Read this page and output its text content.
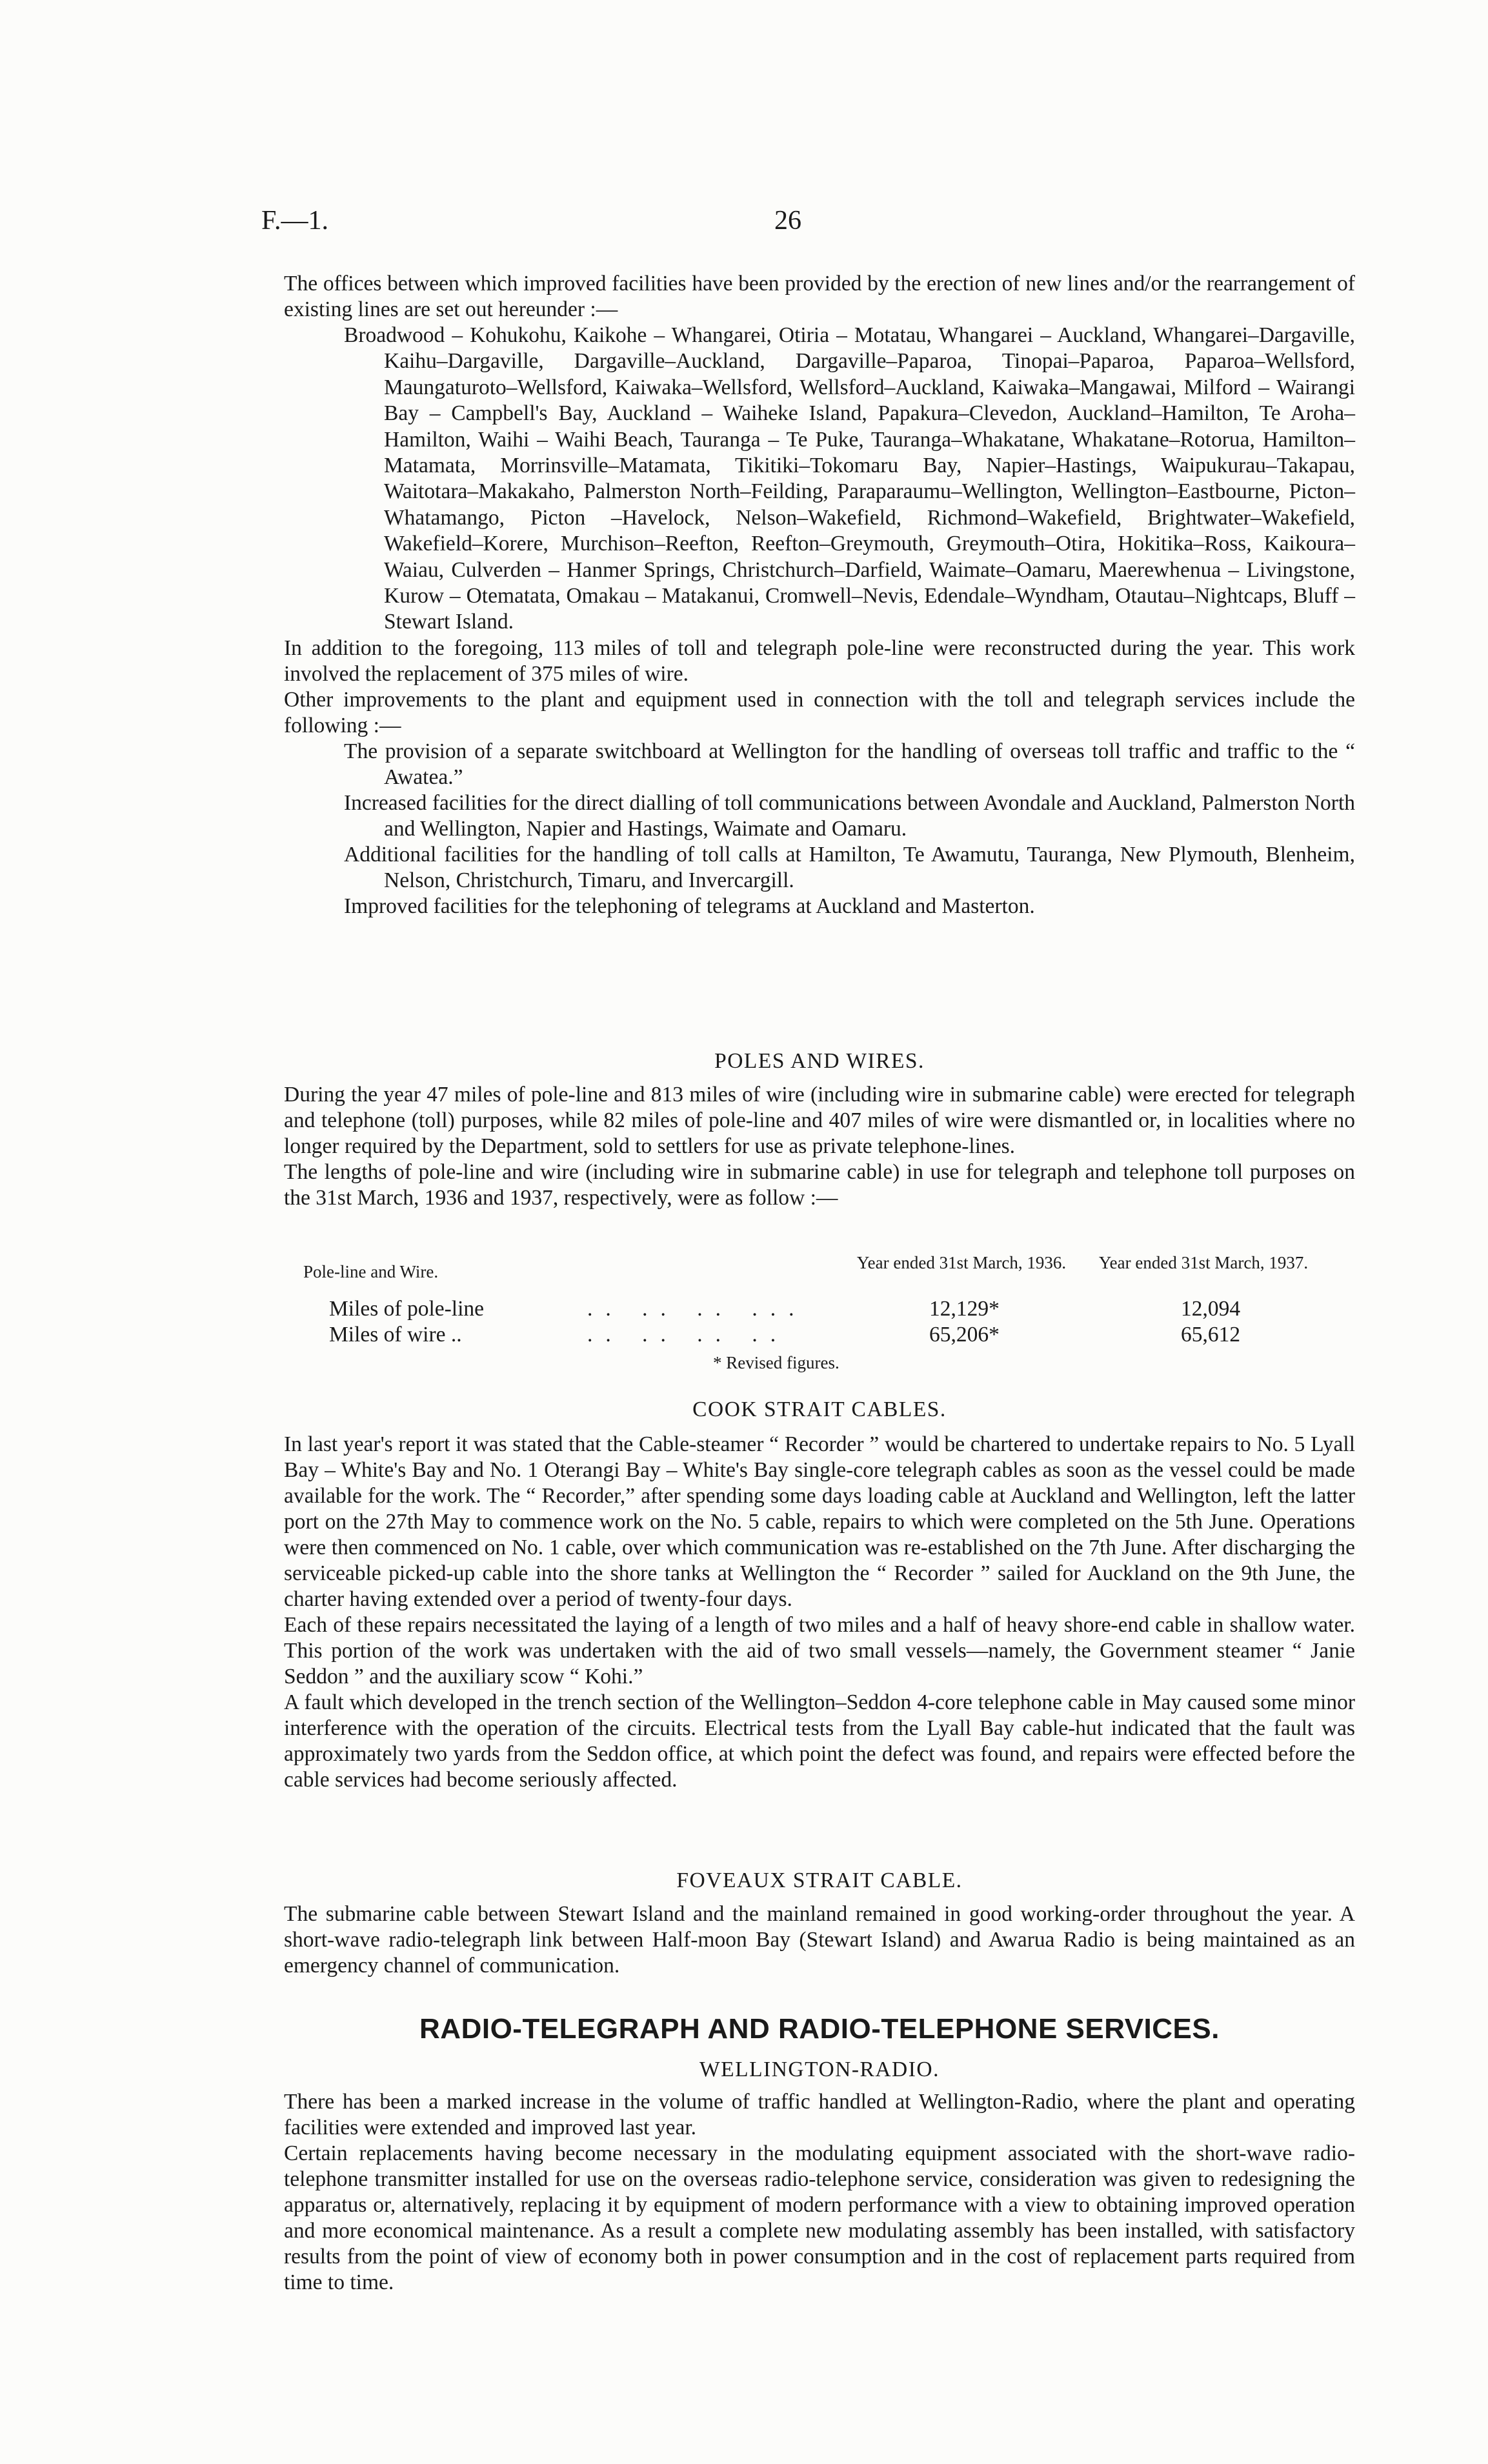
F.—1.	26

The offices between which improved facilities have been provided by the erection of new lines and/or the rearrangement of existing lines are set out hereunder :—

Broadwood – Kohukohu, Kaikohe – Whangarei, Otiria – Motatau, Whangarei – Auckland, Whangarei–Dargaville, Kaihu–Dargaville, Dargaville–Auckland, Dargaville–Paparoa, Tinopai–Paparoa, Paparoa–Wellsford, Maungaturoto–Wellsford, Kaiwaka–Wellsford, Wellsford–Auckland, Kaiwaka–Mangawai, Milford – Wairangi Bay – Campbell's Bay, Auckland – Waiheke Island, Papakura–Clevedon, Auckland–Hamilton, Te Aroha–Hamilton, Waihi – Waihi Beach, Tauranga – Te Puke, Tauranga–Whakatane, Whakatane–Rotorua, Hamilton–Matamata, Morrinsville–Matamata, Tikitiki–Tokomaru Bay, Napier–Hastings, Waipukurau–Takapau, Waitotara–Makakaho, Palmerston North–Feilding, Paraparaumu–Wellington, Wellington–Eastbourne, Picton–Whatamango, Picton –Havelock, Nelson–Wakefield, Richmond–Wakefield, Brightwater–Wakefield, Wakefield–Korere, Murchison–Reefton, Reefton–Greymouth, Greymouth–Otira, Hokitika–Ross, Kaikoura–Waiau, Culverden – Hanmer Springs, Christchurch–Darfield, Waimate–Oamaru, Maerewhenua – Livingstone, Kurow – Otematata, Omakau – Matakanui, Cromwell–Nevis, Edendale–Wyndham, Otautau–Nightcaps, Bluff – Stewart Island.

In addition to the foregoing, 113 miles of toll and telegraph pole-line were reconstructed during the year. This work involved the replacement of 375 miles of wire.

Other improvements to the plant and equipment used in connection with the toll and telegraph services include the following :—

The provision of a separate switchboard at Wellington for the handling of overseas toll traffic and traffic to the “ Awatea.”

Increased facilities for the direct dialling of toll communications between Avondale and Auckland, Palmerston North and Wellington, Napier and Hastings, Waimate and Oamaru.

Additional facilities for the handling of toll calls at Hamilton, Te Awamutu, Tauranga, New Plymouth, Blenheim, Nelson, Christchurch, Timaru, and Invercargill.

Improved facilities for the telephoning of telegrams at Auckland and Masterton.

POLES AND WIRES.

During the year 47 miles of pole-line and 813 miles of wire (including wire in submarine cable) were erected for telegraph and telephone (toll) purposes, while 82 miles of pole-line and 407 miles of wire were dismantled or, in localities where no longer required by the Department, sold to settlers for use as private telephone-lines.

The lengths of pole-line and wire (including wire in submarine cable) in use for telegraph and telephone toll purposes on the 31st March, 1936 and 1937, respectively, were as follow :—

Pole-line and Wire.	Year ended 31st March, 1936.	Year ended 31st March, 1937.
Miles of pole-line	.. .. .. ...	12,129*	12,094
Miles of wire ..	.. .. .. ..	65,206*	65,612
* Revised figures.

COOK STRAIT CABLES.

In last year's report it was stated that the Cable-steamer “ Recorder ” would be chartered to undertake repairs to No. 5 Lyall Bay – White's Bay and No. 1 Oterangi Bay – White's Bay single-core telegraph cables as soon as the vessel could be made available for the work. The “ Recorder,” after spending some days loading cable at Auckland and Wellington, left the latter port on the 27th May to commence work on the No. 5 cable, repairs to which were completed on the 5th June. Operations were then commenced on No. 1 cable, over which communication was re-established on the 7th June. After discharging the serviceable picked-up cable into the shore tanks at Wellington the “ Recorder ” sailed for Auckland on the 9th June, the charter having extended over a period of twenty-four days.

Each of these repairs necessitated the laying of a length of two miles and a half of heavy shore-end cable in shallow water. This portion of the work was undertaken with the aid of two small vessels—namely, the Government steamer “ Janie Seddon ” and the auxiliary scow “ Kohi.”

A fault which developed in the trench section of the Wellington–Seddon 4-core telephone cable in May caused some minor interference with the operation of the circuits. Electrical tests from the Lyall Bay cable-hut indicated that the fault was approximately two yards from the Seddon office, at which point the defect was found, and repairs were effected before the cable services had become seriously affected.

FOVEAUX STRAIT CABLE.

The submarine cable between Stewart Island and the mainland remained in good working-order throughout the year. A short-wave radio-telegraph link between Half-moon Bay (Stewart Island) and Awarua Radio is being maintained as an emergency channel of communication.

RADIO-TELEGRAPH AND RADIO-TELEPHONE SERVICES.

WELLINGTON-RADIO.

There has been a marked increase in the volume of traffic handled at Wellington-Radio, where the plant and operating facilities were extended and improved last year.

Certain replacements having become necessary in the modulating equipment associated with the short-wave radio-telephone transmitter installed for use on the overseas radio-telephone service, consideration was given to redesigning the apparatus or, alternatively, replacing it by equipment of modern performance with a view to obtaining improved operation and more economical maintenance. As a result a complete new modulating assembly has been installed, with satisfactory results from the point of view of economy both in power consumption and in the cost of replacement parts required from time to time.
